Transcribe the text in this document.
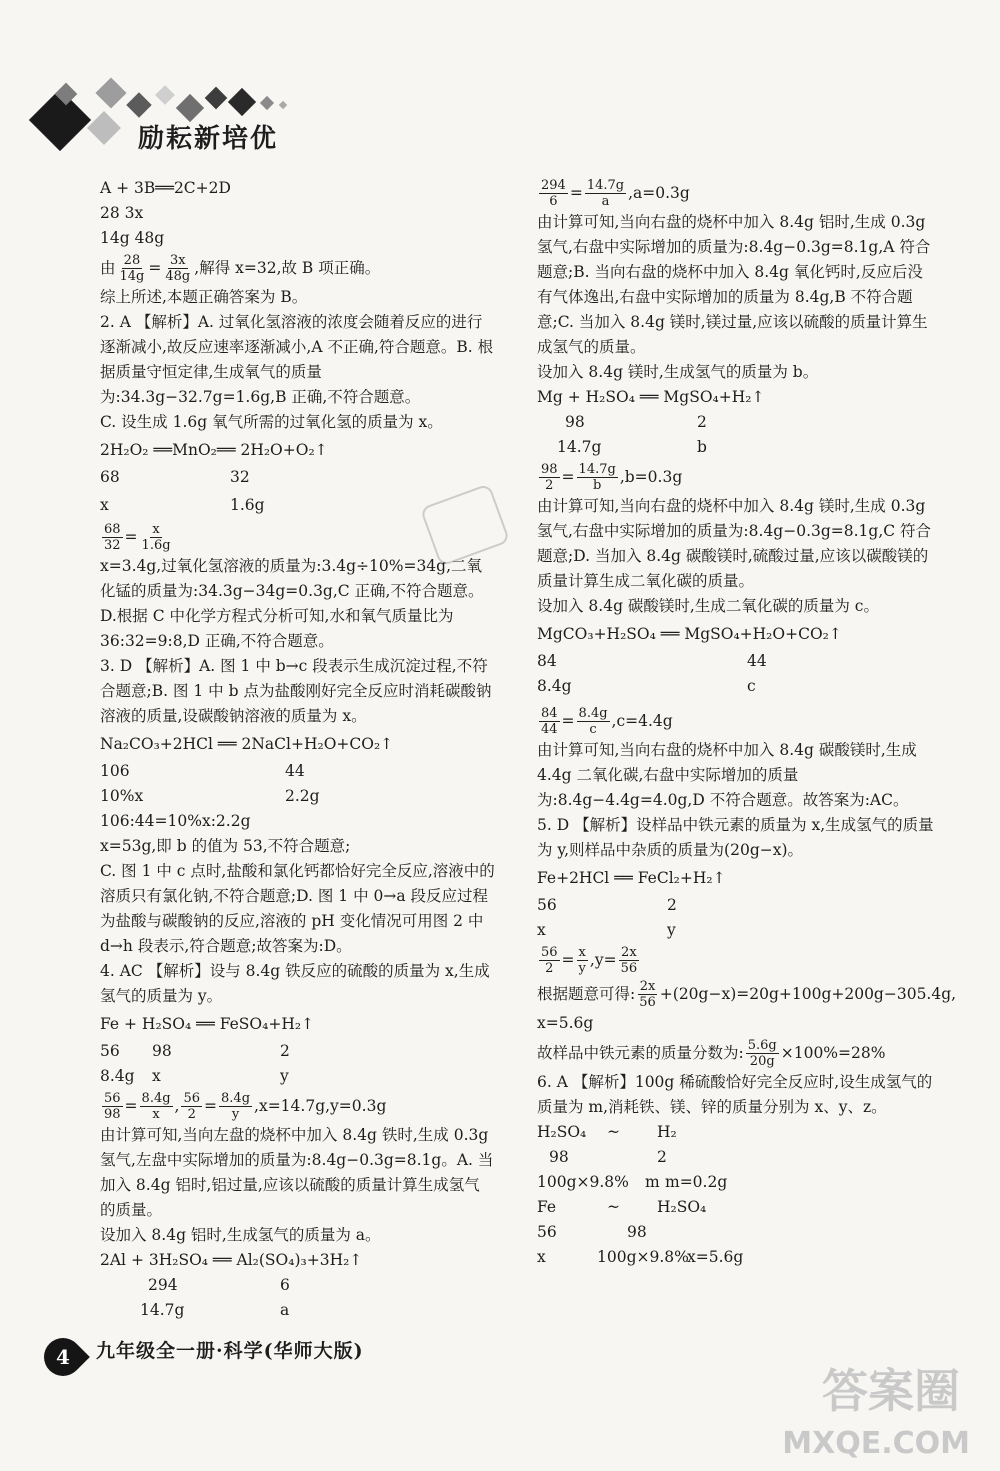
励耘新培优
A + 3B══2C+2D
28 3x
14g 48g
由 $\frac{28}{14g} = \frac{3x}{48g}$ ,解得 x=32,故 B 项正确。
综上所述,本题正确答案为 B。
2. A 【解析】A. 过氧化氢溶液的浓度会随着反应的进行逐渐减小,故反应速率逐渐减小,A 不正确,符合题意。B. 根据质量守恒定律,生成氧气的质量为:34.3g−32.7g=1.6g,B 正确,不符合题意。
C. 设生成 1.6g 氧气所需的过氧化氢的质量为 x。
2H₂O₂ ══MnO₂══ 2H₂O+O₂↑
68	32
x	1.6g
$\frac{68}{32} = \frac{x}{1.6g}$
x=3.4g,过氧化氢溶液的质量为:3.4g÷10%=34g,二氧化锰的质量为:34.3g−34g=0.3g,C 正确,不符合题意。
D.根据 C 中化学方程式分析可知,水和氧气质量比为 36:32=9:8,D 正确,不符合题意。
3. D 【解析】A. 图 1 中 b→c 段表示生成沉淀过程,不符合题意;B. 图 1 中 b 点为盐酸刚好完全反应时消耗碳酸钠溶液的质量,设碳酸钠溶液的质量为 x。
Na₂CO₃+2HCl ══ 2NaCl+H₂O+CO₂↑
106	44
10%x	2.2g
106:44=10%x:2.2g
x=53g,即 b 的值为 53,不符合题意;
C. 图 1 中 c 点时,盐酸和氯化钙都恰好完全反应,溶液中的溶质只有氯化钠,不符合题意;D. 图 1 中 0→a 段反应过程为盐酸与碳酸钠的反应,溶液的 pH 变化情况可用图 2 中 d→h 段表示,符合题意;故答案为:D。
4. AC 【解析】设与 8.4g 铁反应的硫酸的质量为 x,生成氢气的质量为 y。
Fe + H₂SO₄ ══ FeSO₄+H₂↑
56	98	2
8.4g	x	y
$\frac{56}{98} = \frac{8.4g}{x}$ , $\frac{56}{2} = \frac{8.4g}{y} ,x=14.7g,y=0.3g$
由计算可知,当向左盘的烧杯中加入 8.4g 铁时,生成 0.3g 氢气,左盘中实际增加的质量为:8.4g−0.3g=8.1g。A. 当加入 8.4g 铝时,铝过量,应该以硫酸的质量计算生成氢气的质量。
设加入 8.4g 铝时,生成氢气的质量为 a。
2Al + 3H₂SO₄ ══ Al₂(SO₄)₃+3H₂↑
294	6
14.7g	a
$\frac{294}{6} = \frac{14.7g}{a} ,a=0.3g$
由计算可知,当向右盘的烧杯中加入 8.4g 铝时,生成 0.3g 氢气,右盘中实际增加的质量为:8.4g−0.3g=8.1g,A 符合题意;B. 当向右盘的烧杯中加入 8.4g 氧化钙时,反应后没有气体逸出,右盘中实际增加的质量为 8.4g,B 不符合题意;C. 当加入 8.4g 镁时,镁过量,应该以硫酸的质量计算生成氢气的质量。
设加入 8.4g 镁时,生成氢气的质量为 b。
Mg + H₂SO₄ ══ MgSO₄+H₂↑
98	2
14.7g	b
$\frac{98}{2} = \frac{14.7g}{b} ,b=0.3g$
由计算可知,当向右盘的烧杯中加入 8.4g 镁时,生成 0.3g 氢气,右盘中实际增加的质量为:8.4g−0.3g=8.1g,C 符合题意;D. 当加入 8.4g 碳酸镁时,硫酸过量,应该以碳酸镁的质量计算生成二氧化碳的质量。
设加入 8.4g 碳酸镁时,生成二氧化碳的质量为 c。
MgCO₃+H₂SO₄ ══ MgSO₄+H₂O+CO₂↑
84	44
8.4g	c
$\frac{84}{44} = \frac{8.4g}{c} ,c=4.4g$
由计算可知,当向右盘的烧杯中加入 8.4g 碳酸镁时,生成 4.4g 二氧化碳,右盘中实际增加的质量为:8.4g−4.4g=4.0g,D 不符合题意。故答案为:AC。
5. D 【解析】设样品中铁元素的质量为 x,生成氢气的质量为 y,则样品中杂质的质量为(20g−x)。
Fe+2HCl ══ FeCl₂+H₂↑
56	2
x	y
$\frac{56}{2} = \frac{x}{y} ,y= \frac{2x}{56}$
根据题意可得: $\frac{2x}{56} +(20g-x)=20g+100g+200g-305.4g$,
x=5.6g
故样品中铁元素的质量分数为: $\frac{5.6g}{20g} \times 100\%=28\%$
6. A 【解析】100g 稀硫酸恰好完全反应时,设生成氢气的质量为 m,消耗铁、镁、锌的质量分别为 x、y、z。
H₂SO₄	~	H₂
98	2
100g×9.8%	m m=0.2g
Fe	~	H₂SO₄
56	98
x	100g×9.8%
x=5.6g
4	九年级全一册·科学(华师大版)
答案圈
MXQE.COM
